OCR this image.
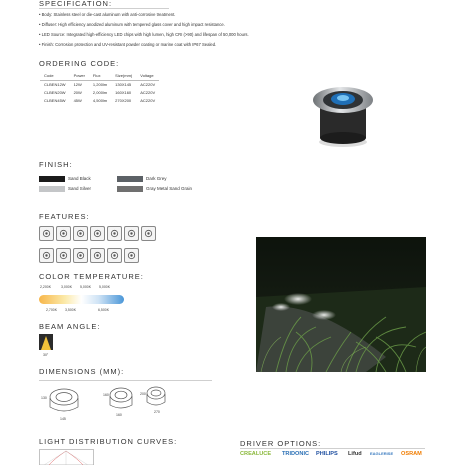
SPECIFICATION:
• Body: Stainless steel or die-cast aluminum with anti-corrosive treatment.
• Diffuser: High efficiency anodized aluminum with tempered glass cover and high impact resistance.
• LED Source: Integrated high-efficiency LED chips with high lumen, high CRI (>90) and lifespan of 50,000 hours.
• Finish: Corrosion protection and UV-resistant powder coating or marine coat with IP67 Sealed.
ORDERING CODE:
Code	Power	Flux	Size(mm)	Voltage
CLBEN12W	12W	1,200lm	130X145	AC220V
CLBEN20W	20W	2,000lm	160X160	AC220V
CLBEN45W	45W	4,500lm	270X200	AC220V
FINISH:
Sand Black
Sand Silver
Dark Grey
Gray Metal Sand Grain
FEATURES:
COLOR TEMPERATURE:
2,200K	3,000K 5,000K 5,000K
2,700K 3,500K	6,500K
BEAM ANGLE:
30°
DIMENSIONS (MM):
130
145
160
160
200
270
LIGHT DISTRIBUTION CURVES:	DRIVER OPTIONS:
CREALUCE TRIDONIC PHILIPS Lifud EAGLERISE OSRAM
